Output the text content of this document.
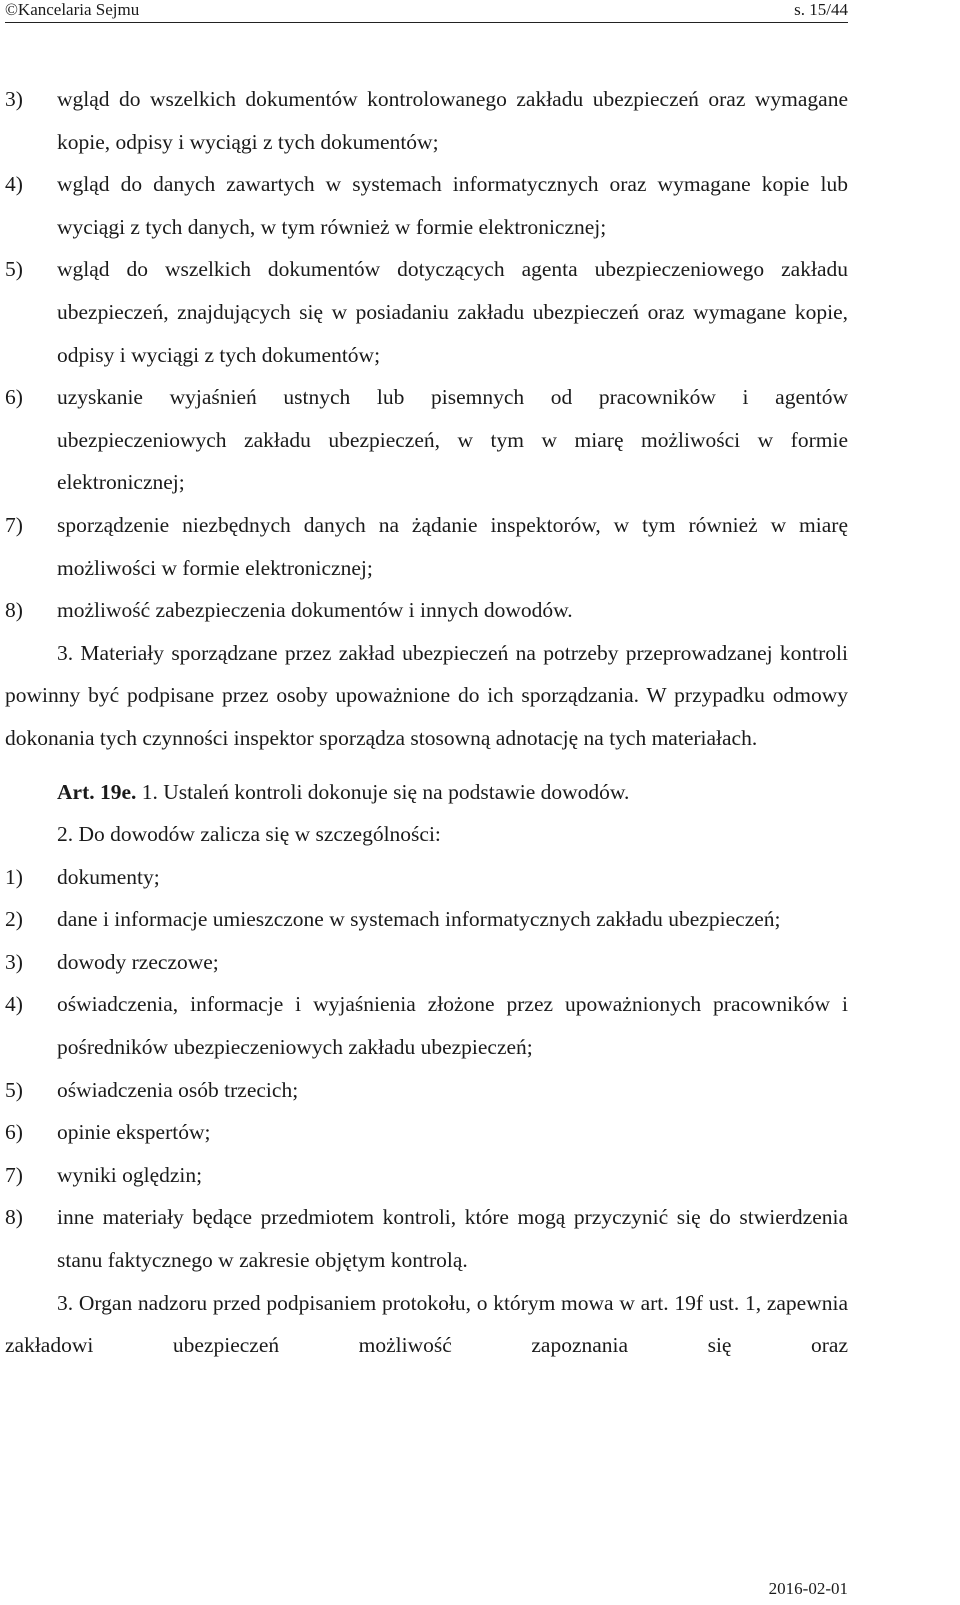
©Kancelaria Sejmu	s. 15/44
3) wgląd do wszelkich dokumentów kontrolowanego zakładu ubezpieczeń oraz wymagane kopie, odpisy i wyciągi z tych dokumentów;
4) wgląd do danych zawartych w systemach informatycznych oraz wymagane kopie lub wyciągi z tych danych, w tym również w formie elektronicznej;
5) wgląd do wszelkich dokumentów dotyczących agenta ubezpieczeniowego zakładu ubezpieczeń, znajdujących się w posiadaniu zakładu ubezpieczeń oraz wymagane kopie, odpisy i wyciągi z tych dokumentów;
6) uzyskanie wyjaśnień ustnych lub pisemnych od pracowników i agentów ubezpieczeniowych zakładu ubezpieczeń, w tym w miarę możliwości w formie elektronicznej;
7) sporządzenie niezbędnych danych na żądanie inspektorów, w tym również w miarę możliwości w formie elektronicznej;
8) możliwość zabezpieczenia dokumentów i innych dowodów.
3. Materiały sporządzane przez zakład ubezpieczeń na potrzeby przeprowadzanej kontroli powinny być podpisane przez osoby upoważnione do ich sporządzania. W przypadku odmowy dokonania tych czynności inspektor sporządza stosowną adnotację na tych materiałach.
Art. 19e. 1. Ustaleń kontroli dokonuje się na podstawie dowodów.
2. Do dowodów zalicza się w szczególności:
1) dokumenty;
2) dane i informacje umieszczone w systemach informatycznych zakładu ubezpieczeń;
3) dowody rzeczowe;
4) oświadczenia, informacje i wyjaśnienia złożone przez upoważnionych pracowników i pośredników ubezpieczeniowych zakładu ubezpieczeń;
5) oświadczenia osób trzecich;
6) opinie ekspertów;
7) wyniki oględzin;
8) inne materiały będące przedmiotem kontroli, które mogą przyczynić się do stwierdzenia stanu faktycznego w zakresie objętym kontrolą.
3. Organ nadzoru przed podpisaniem protokołu, o którym mowa w art. 19f ust. 1, zapewnia zakładowi ubezpieczeń możliwość zapoznania się oraz
2016-02-01
